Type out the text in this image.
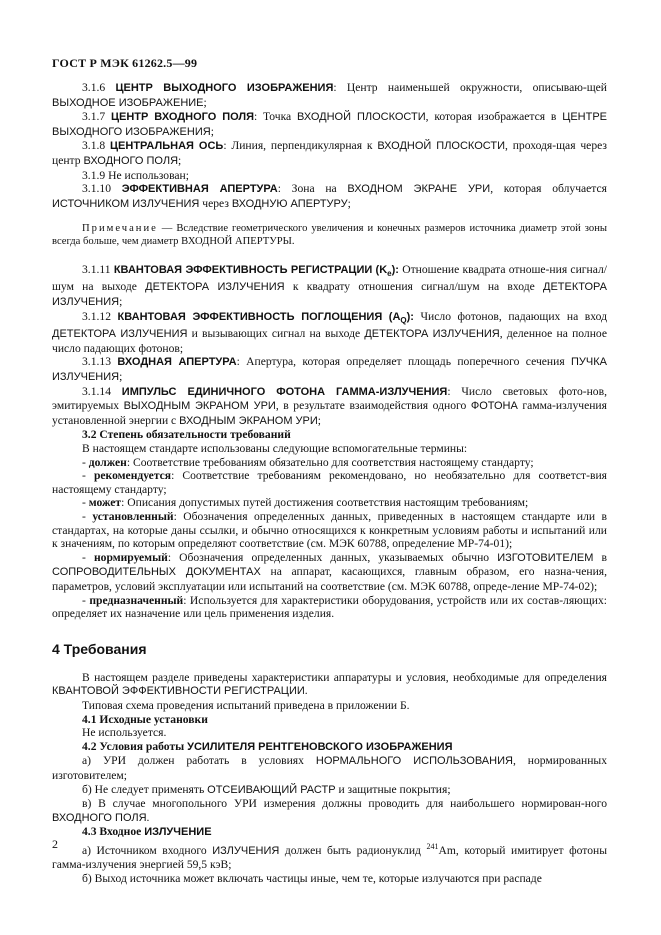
ГОСТ Р МЭК 61262.5—99

3.1.6 ЦЕНТР ВЫХОДНОГО ИЗОБРАЖЕНИЯ: Центр наименьшей окружности, описываю-щей ВЫХОДНОЕ ИЗОБРАЖЕНИЕ;

3.1.7 ЦЕНТР ВХОДНОГО ПОЛЯ: Точка ВХОДНОЙ ПЛОСКОСТИ, которая изображается в ЦЕНТРЕ ВЫХОДНОГО ИЗОБРАЖЕНИЯ;

3.1.8 ЦЕНТРАЛЬНАЯ ОСЬ: Линия, перпендикулярная к ВХОДНОЙ ПЛОСКОСТИ, проходя-щая через центр ВХОДНОГО ПОЛЯ;

3.1.9 Не использован;

3.1.10 ЭФФЕКТИВНАЯ АПЕРТУРА: Зона на ВХОДНОМ ЭКРАНЕ УРИ, которая облучается ИСТОЧНИКОМ ИЗЛУЧЕНИЯ через ВХОДНУЮ АПЕРТУРУ;

Примечание — Вследствие геометрического увеличения и конечных размеров источника диаметр этой зоны всегда больше, чем диаметр ВХОДНОЙ АПЕРТУРЫ.

3.1.11 КВАНТОВАЯ ЭФФЕКТИВНОСТЬ РЕГИСТРАЦИИ $(K_e)$: Отношение квадрата отноше-ния сигнал/шум на выходе ДЕТЕКТОРА ИЗЛУЧЕНИЯ к квадрату отношения сигнал/шум на входе ДЕТЕКТОРА ИЗЛУЧЕНИЯ;

3.1.12 КВАНТОВАЯ ЭФФЕКТИВНОСТЬ ПОГЛОЩЕНИЯ $(A_Q)$: Число фотонов, падающих на вход ДЕТЕКТОРА ИЗЛУЧЕНИЯ и вызывающих сигнал на выходе ДЕТЕКТОРА ИЗЛУЧЕНИЯ, деленное на полное число падающих фотонов;

3.1.13 ВХОДНАЯ АПЕРТУРА: Апертура, которая определяет площадь поперечного сечения ПУЧКА ИЗЛУЧЕНИЯ;

3.1.14 ИМПУЛЬС ЕДИНИЧНОГО ФОТОНА ГАММА-ИЗЛУЧЕНИЯ: Число световых фото-нов, эмитируемых ВЫХОДНЫМ ЭКРАНОМ УРИ, в результате взаимодействия одного ФОТОНА гамма-излучения установленной энергии с ВХОДНЫМ ЭКРАНОМ УРИ;

3.2 Степень обязательности требований

В настоящем стандарте использованы следующие вспомогательные термины:

- должен: Соответствие требованиям обязательно для соответствия настоящему стандарту;

- рекомендуется: Соответствие требованиям рекомендовано, но необязательно для соответст-вия настоящему стандарту;

- может: Описания допустимых путей достижения соответствия настоящим требованиям;

- установленный: Обозначения определенных данных, приведенных в настоящем стандарте или в стандартах, на которые даны ссылки, и обычно относящихся к конкретным условиям работы и испытаний или к значениям, по которым определяют соответствие (см. МЭК 60788, определение МР-74-01);

- нормируемый: Обозначения определенных данных, указываемых обычно ИЗГОТОВИТЕЛЕМ в СОПРОВОДИТЕЛЬНЫХ ДОКУМЕНТАХ на аппарат, касающихся, главным образом, его назна-чения, параметров, условий эксплуатации или испытаний на соответствие (см. МЭК 60788, опреде-ление МР-74-02);

- предназначенный: Используется для характеристики оборудования, устройств или их состав-ляющих: определяет их назначение или цель применения изделия.

4 Требования

В настоящем разделе приведены характеристики аппаратуры и условия, необходимые для определения КВАНТОВОЙ ЭФФЕКТИВНОСТИ РЕГИСТРАЦИИ.

Типовая схема проведения испытаний приведена в приложении Б.

4.1 Исходные установки

Не используется.

4.2 Условия работы УСИЛИТЕЛЯ РЕНТГЕНОВСКОГО ИЗОБРАЖЕНИЯ

а) УРИ должен работать в условиях НОРМАЛЬНОГО ИСПОЛЬЗОВАНИЯ, нормированных изготовителем;

б) Не следует применять ОТСЕИВАЮЩИЙ РАСТР и защитные покрытия;

в) В случае многопольного УРИ измерения должны проводить для наибольшего нормирован-ного ВХОДНОГО ПОЛЯ.

4.3 Входное ИЗЛУЧЕНИЕ

а) Источником входного ИЗЛУЧЕНИЯ должен быть радионуклид $^{241}$Am, который имитирует фотоны гамма-излучения энергией 59,5 кэВ;

б) Выход источника может включать частицы иные, чем те, которые излучаются при распаде

2
